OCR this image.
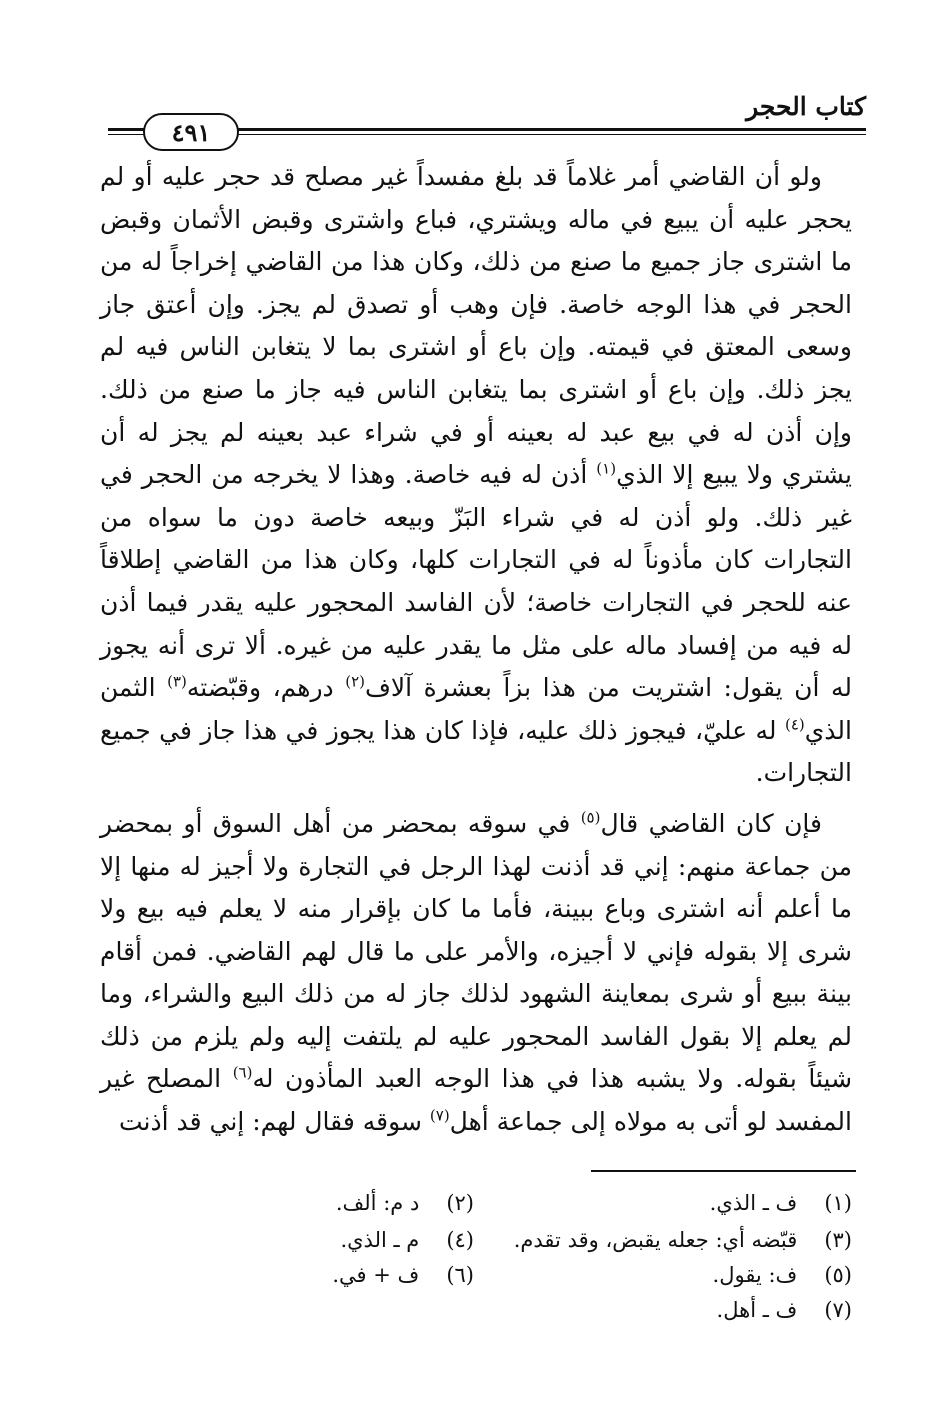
كتاب الحجر
٤٩١

ولو أن القاضي أمر غلاماً قد بلغ مفسداً غير مصلح قد حجر عليه أو لم يحجر عليه أن يبيع في ماله ويشتري، فباع واشترى وقبض الأثمان وقبض ما اشترى جاز جميع ما صنع من ذلك، وكان هذا من القاضي إخراجاً له من الحجر في هذا الوجه خاصة. فإن وهب أو تصدق لم يجز. وإن أعتق جاز وسعى المعتق في قيمته. وإن باع أو اشترى بما لا يتغابن الناس فيه لم يجز ذلك. وإن باع أو اشترى بما يتغابن الناس فيه جاز ما صنع من ذلك. وإن أذن له في بيع عبد له بعينه أو في شراء عبد بعينه لم يجز له أن يشتري ولا يبيع إلا الذي$^{(١)}$ أذن له فيه خاصة. وهذا لا يخرجه من الحجر في غير ذلك. ولو أذن له في شراء البَزّ وبيعه خاصة دون ما سواه من التجارات كان مأذوناً له في التجارات كلها، وكان هذا من القاضي إطلاقاً عنه للحجر في التجارات خاصة؛ لأن الفاسد المحجور عليه يقدر فيما أذن له فيه من إفساد ماله على مثل ما يقدر عليه من غيره. ألا ترى أنه يجوز له أن يقول: اشتريت من هذا بزاً بعشرة آلاف$^{(٢)}$ درهم، وقبّضته$^{(٣)}$ الثمن الذي$^{(٤)}$ له عليّ، فيجوز ذلك عليه، فإذا كان هذا يجوز في هذا جاز في جميع التجارات.

فإن كان القاضي قال$^{(٥)}$ في سوقه بمحضر من أهل السوق أو بمحضر من جماعة منهم: إني قد أذنت لهذا الرجل في التجارة ولا أجيز له منها إلا ما أعلم أنه اشترى وباع ببينة، فأما ما كان بإقرار منه لا يعلم فيه بيع ولا شرى إلا بقوله فإني لا أجيزه، والأمر على ما قال لهم القاضي. فمن أقام بينة ببيع أو شرى بمعاينة الشهود لذلك جاز له من ذلك البيع والشراء، وما لم يعلم إلا بقول الفاسد المحجور عليه لم يلتفت إليه ولم يلزم من ذلك شيئاً بقوله. ولا يشبه هذا في هذا الوجه العبد المأذون له$^{(٦)}$ المصلح غير المفسد لو أتى به مولاه إلى جماعة أهل$^{(٧)}$ سوقه فقال لهم: إني قد أذنت

(١) ف ـ الذي.
(٢) د م: ألف.
(٣) قبّضه أي: جعله يقبض، وقد تقدم.
(٤) م ـ الذي.
(٥) ف: يقول.
(٦) ف + في.
(٧) ف ـ أهل.
